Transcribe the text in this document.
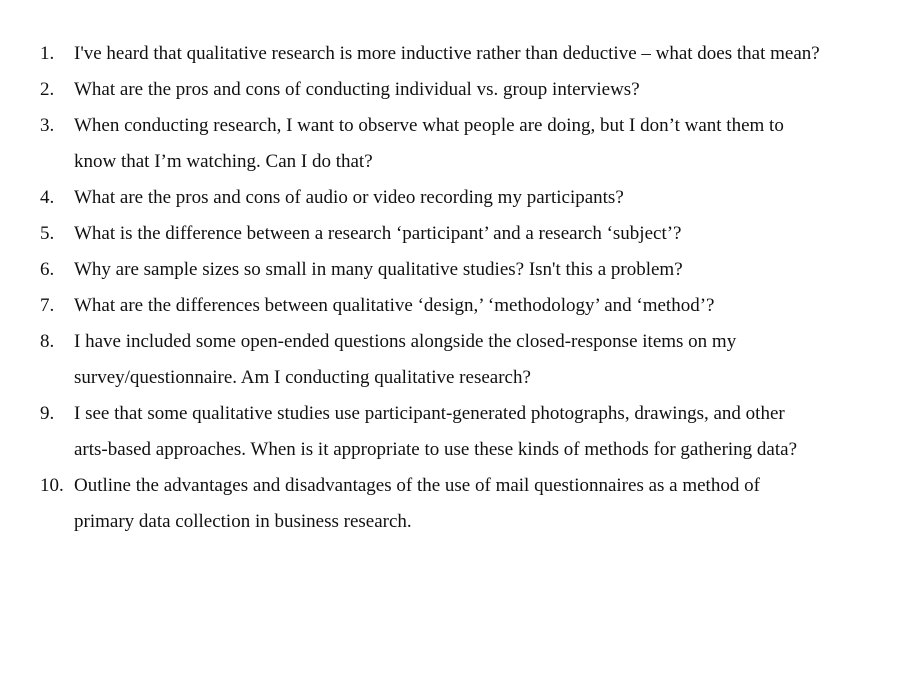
1.	I've heard that qualitative research is more inductive rather than deductive – what does that mean?
2.	What are the pros and cons of conducting individual vs. group interviews?
3.	When conducting research, I want to observe what people are doing, but I don’t want them to know that I’m watching. Can I do that?
4.	What are the pros and cons of audio or video recording my participants?
5.	What is the difference between a research ‘participant’ and a research ‘subject’?
6.	Why are sample sizes so small in many qualitative studies? Isn't this a problem?
7.	What are the differences between qualitative ‘design,’ ‘methodology’ and ‘method’?
8.	I have included some open-ended questions alongside the closed-response items on my survey/questionnaire. Am I conducting qualitative research?
9.	I see that some qualitative studies use participant-generated photographs, drawings, and other arts-based approaches. When is it appropriate to use these kinds of methods for gathering data?
10. Outline the advantages and disadvantages of the use of mail questionnaires as a method of primary data collection in business research.
